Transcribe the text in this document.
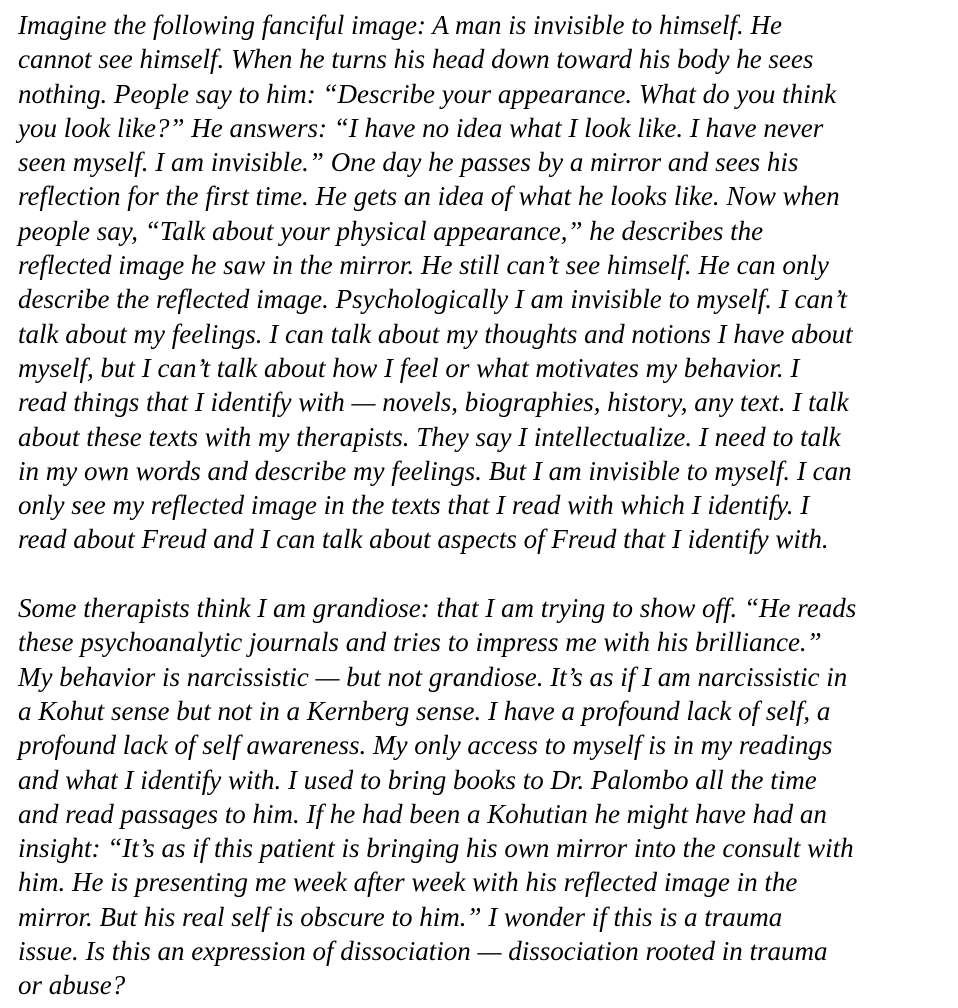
Imagine the following fanciful image: A man is invisible to himself. He
cannot see himself. When he turns his head down toward his body he sees
nothing. People say to him: “Describe your appearance. What do you think
you look like?” He answers: “I have no idea what I look like. I have never
seen myself. I am invisible.” One day he passes by a mirror and sees his
reflection for the first time. He gets an idea of what he looks like. Now when
people say, “Talk about your physical appearance,” he describes the
reflected image he saw in the mirror. He still can’t see himself. He can only
describe the reflected image. Psychologically I am invisible to myself. I can’t
talk about my feelings. I can talk about my thoughts and notions I have about
myself, but I can’t talk about how I feel or what motivates my behavior. I
read things that I identify with — novels, biographies, history, any text. I talk
about these texts with my therapists. They say I intellectualize. I need to talk
in my own words and describe my feelings. But I am invisible to myself. I can
only see my reflected image in the texts that I read with which I identify. I
read about Freud and I can talk about aspects of Freud that I identify with.

Some therapists think I am grandiose: that I am trying to show off. “He reads
these psychoanalytic journals and tries to impress me with his brilliance.”
My behavior is narcissistic — but not grandiose. It’s as if I am narcissistic in
a Kohut sense but not in a Kernberg sense. I have a profound lack of self, a
profound lack of self awareness. My only access to myself is in my readings
and what I identify with. I used to bring books to Dr. Palombo all the time
and read passages to him. If he had been a Kohutian he might have had an
insight: “It’s as if this patient is bringing his own mirror into the consult with
him. He is presenting me week after week with his reflected image in the
mirror. But his real self is obscure to him.” I wonder if this is a trauma
issue. Is this an expression of dissociation — dissociation rooted in trauma
or abuse?
